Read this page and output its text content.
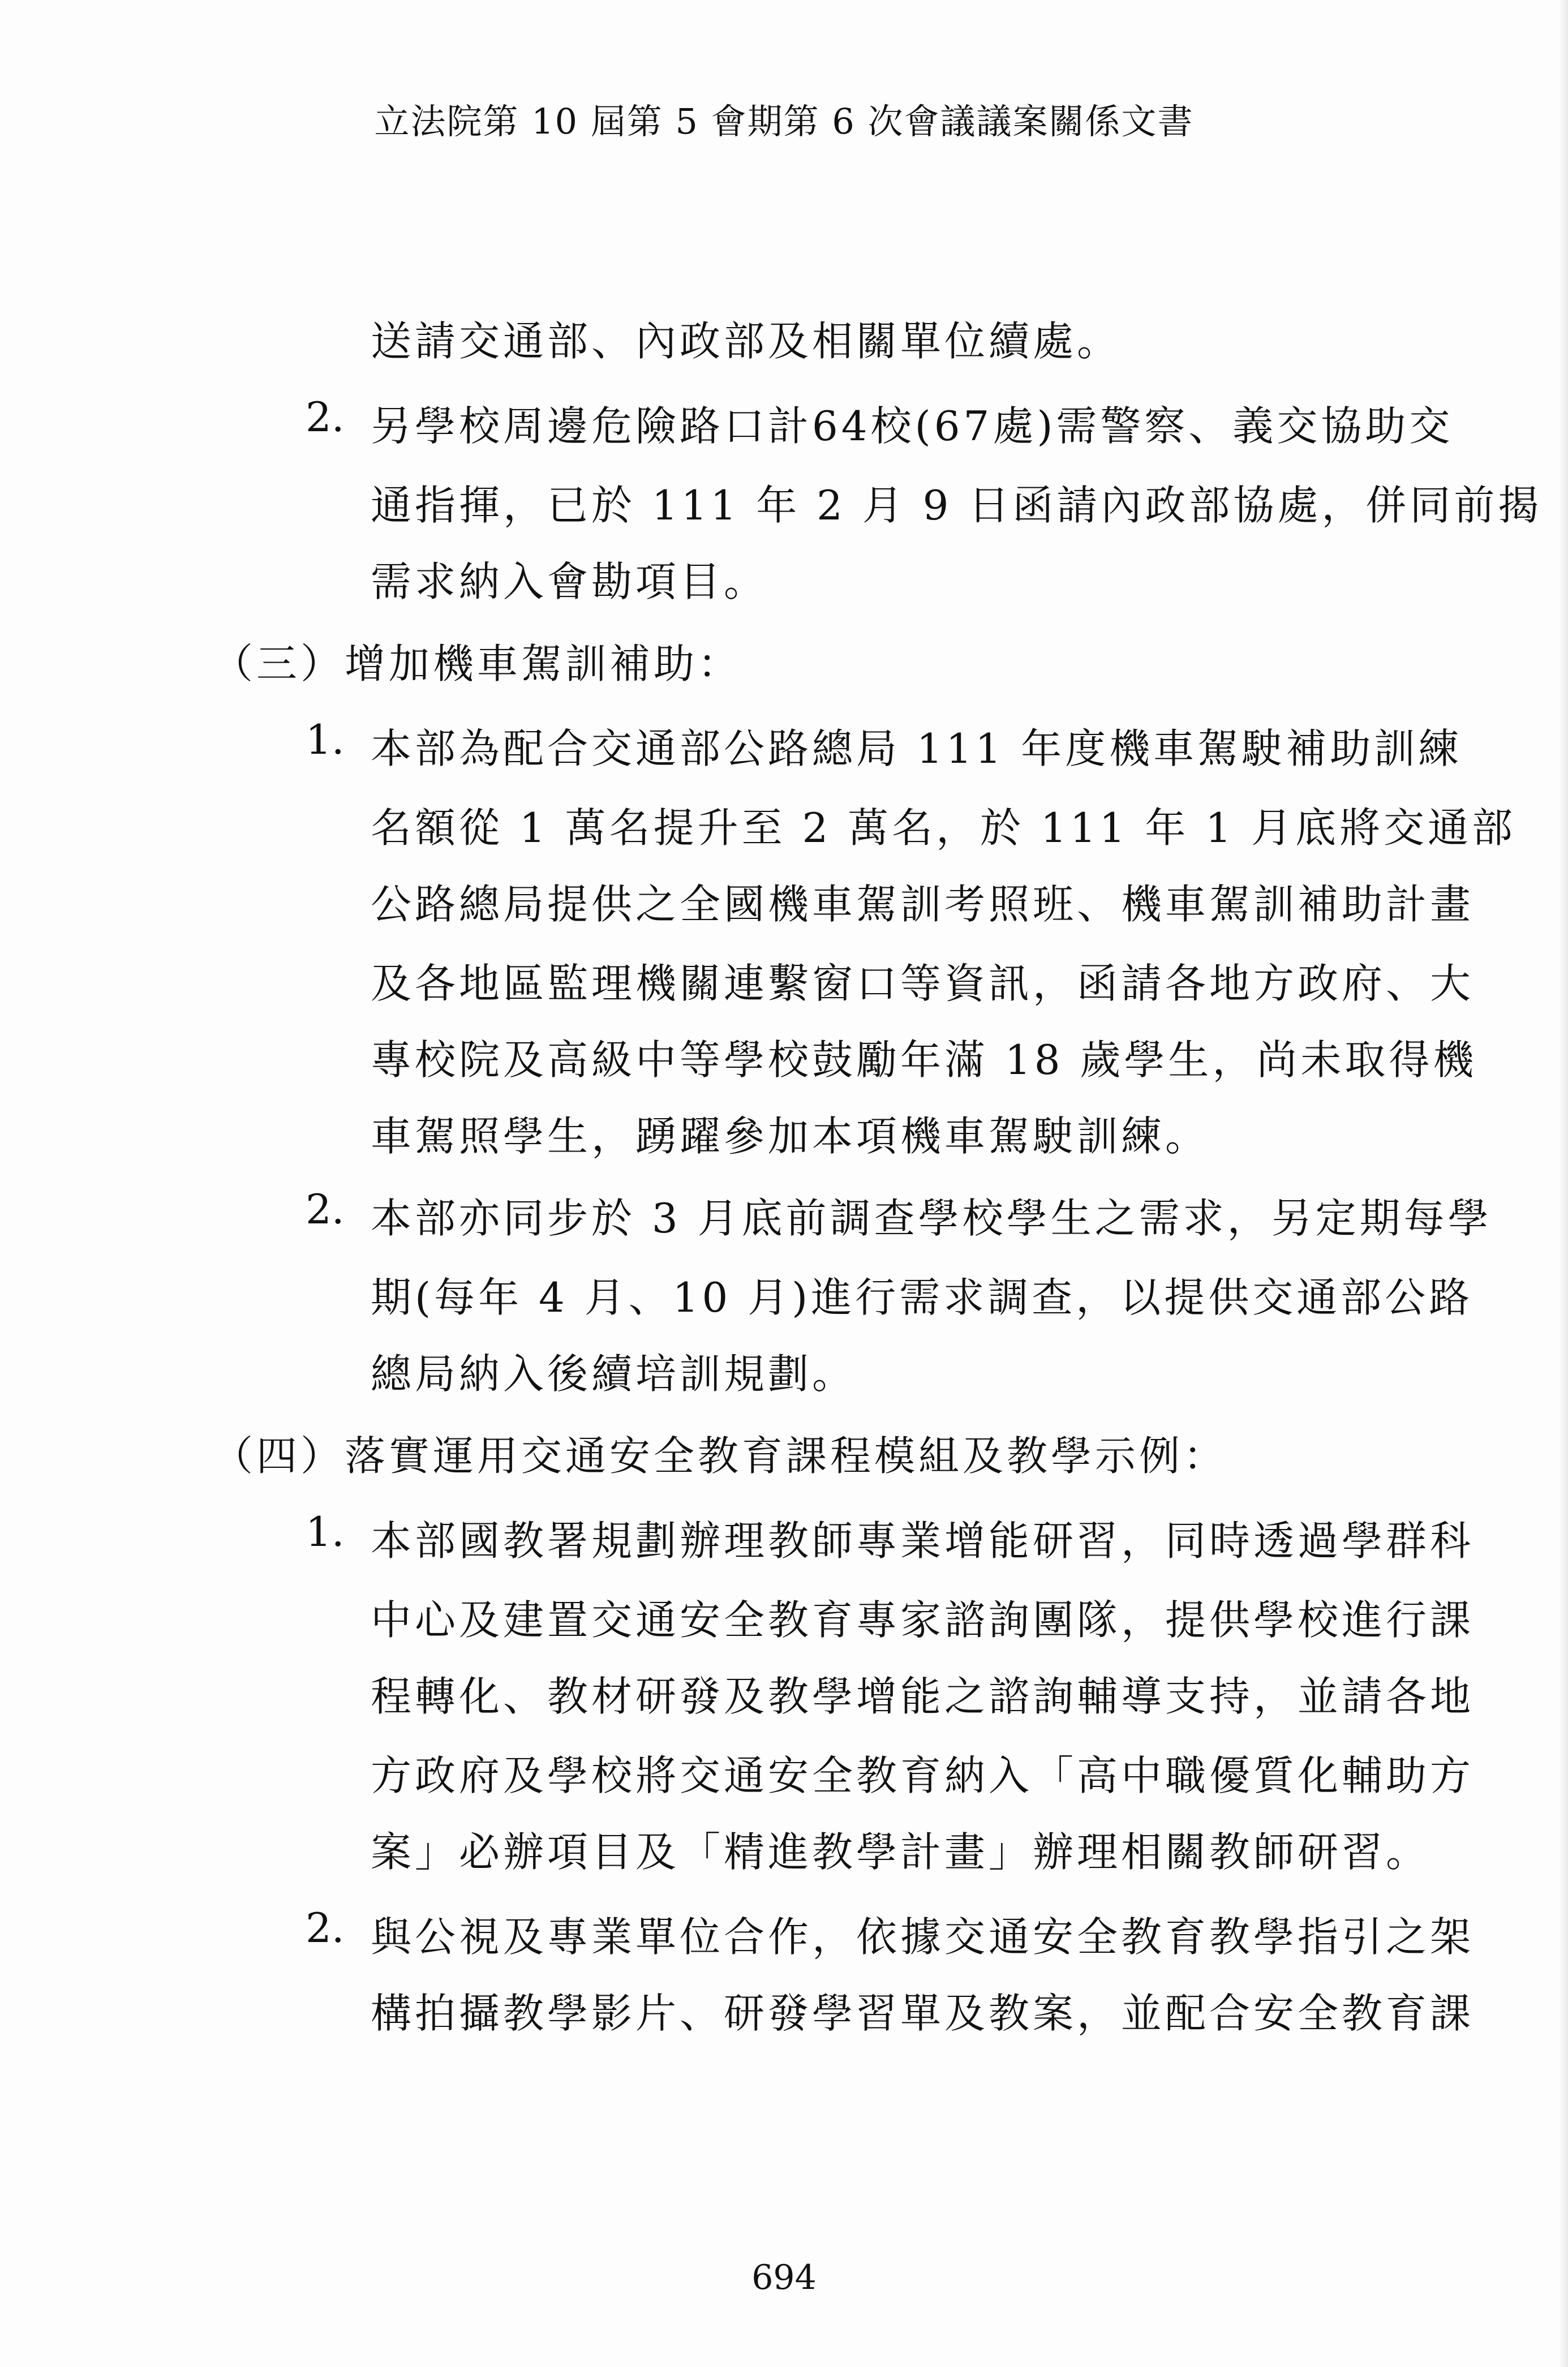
立法院第 10 屆第 5 會期第 6 次會議議案關係文書
送請交通部、內政部及相關單位續處。
2. 另學校周邊危險路口計64校(67處)需警察、義交協助交
通指揮，已於 111 年 2 月 9 日函請內政部協處，併同前揭
需求納入會勘項目。
（三）增加機車駕訓補助：
1. 本部為配合交通部公路總局 111 年度機車駕駛補助訓練
名額從 1 萬名提升至 2 萬名，於 111 年 1 月底將交通部
公路總局提供之全國機車駕訓考照班、機車駕訓補助計畫
及各地區監理機關連繫窗口等資訊，函請各地方政府、大
專校院及高級中等學校鼓勵年滿 18 歲學生，尚未取得機
車駕照學生，踴躍參加本項機車駕駛訓練。
2. 本部亦同步於 3 月底前調查學校學生之需求，另定期每學
期(每年 4 月、10 月)進行需求調查，以提供交通部公路
總局納入後續培訓規劃。
（四）落實運用交通安全教育課程模組及教學示例：
1. 本部國教署規劃辦理教師專業增能研習，同時透過學群科
中心及建置交通安全教育專家諮詢團隊，提供學校進行課
程轉化、教材研發及教學增能之諮詢輔導支持，並請各地
方政府及學校將交通安全教育納入「高中職優質化輔助方
案」必辦項目及「精進教學計畫」辦理相關教師研習。
2. 與公視及專業單位合作，依據交通安全教育教學指引之架
構拍攝教學影片、研發學習單及教案，並配合安全教育課
694
